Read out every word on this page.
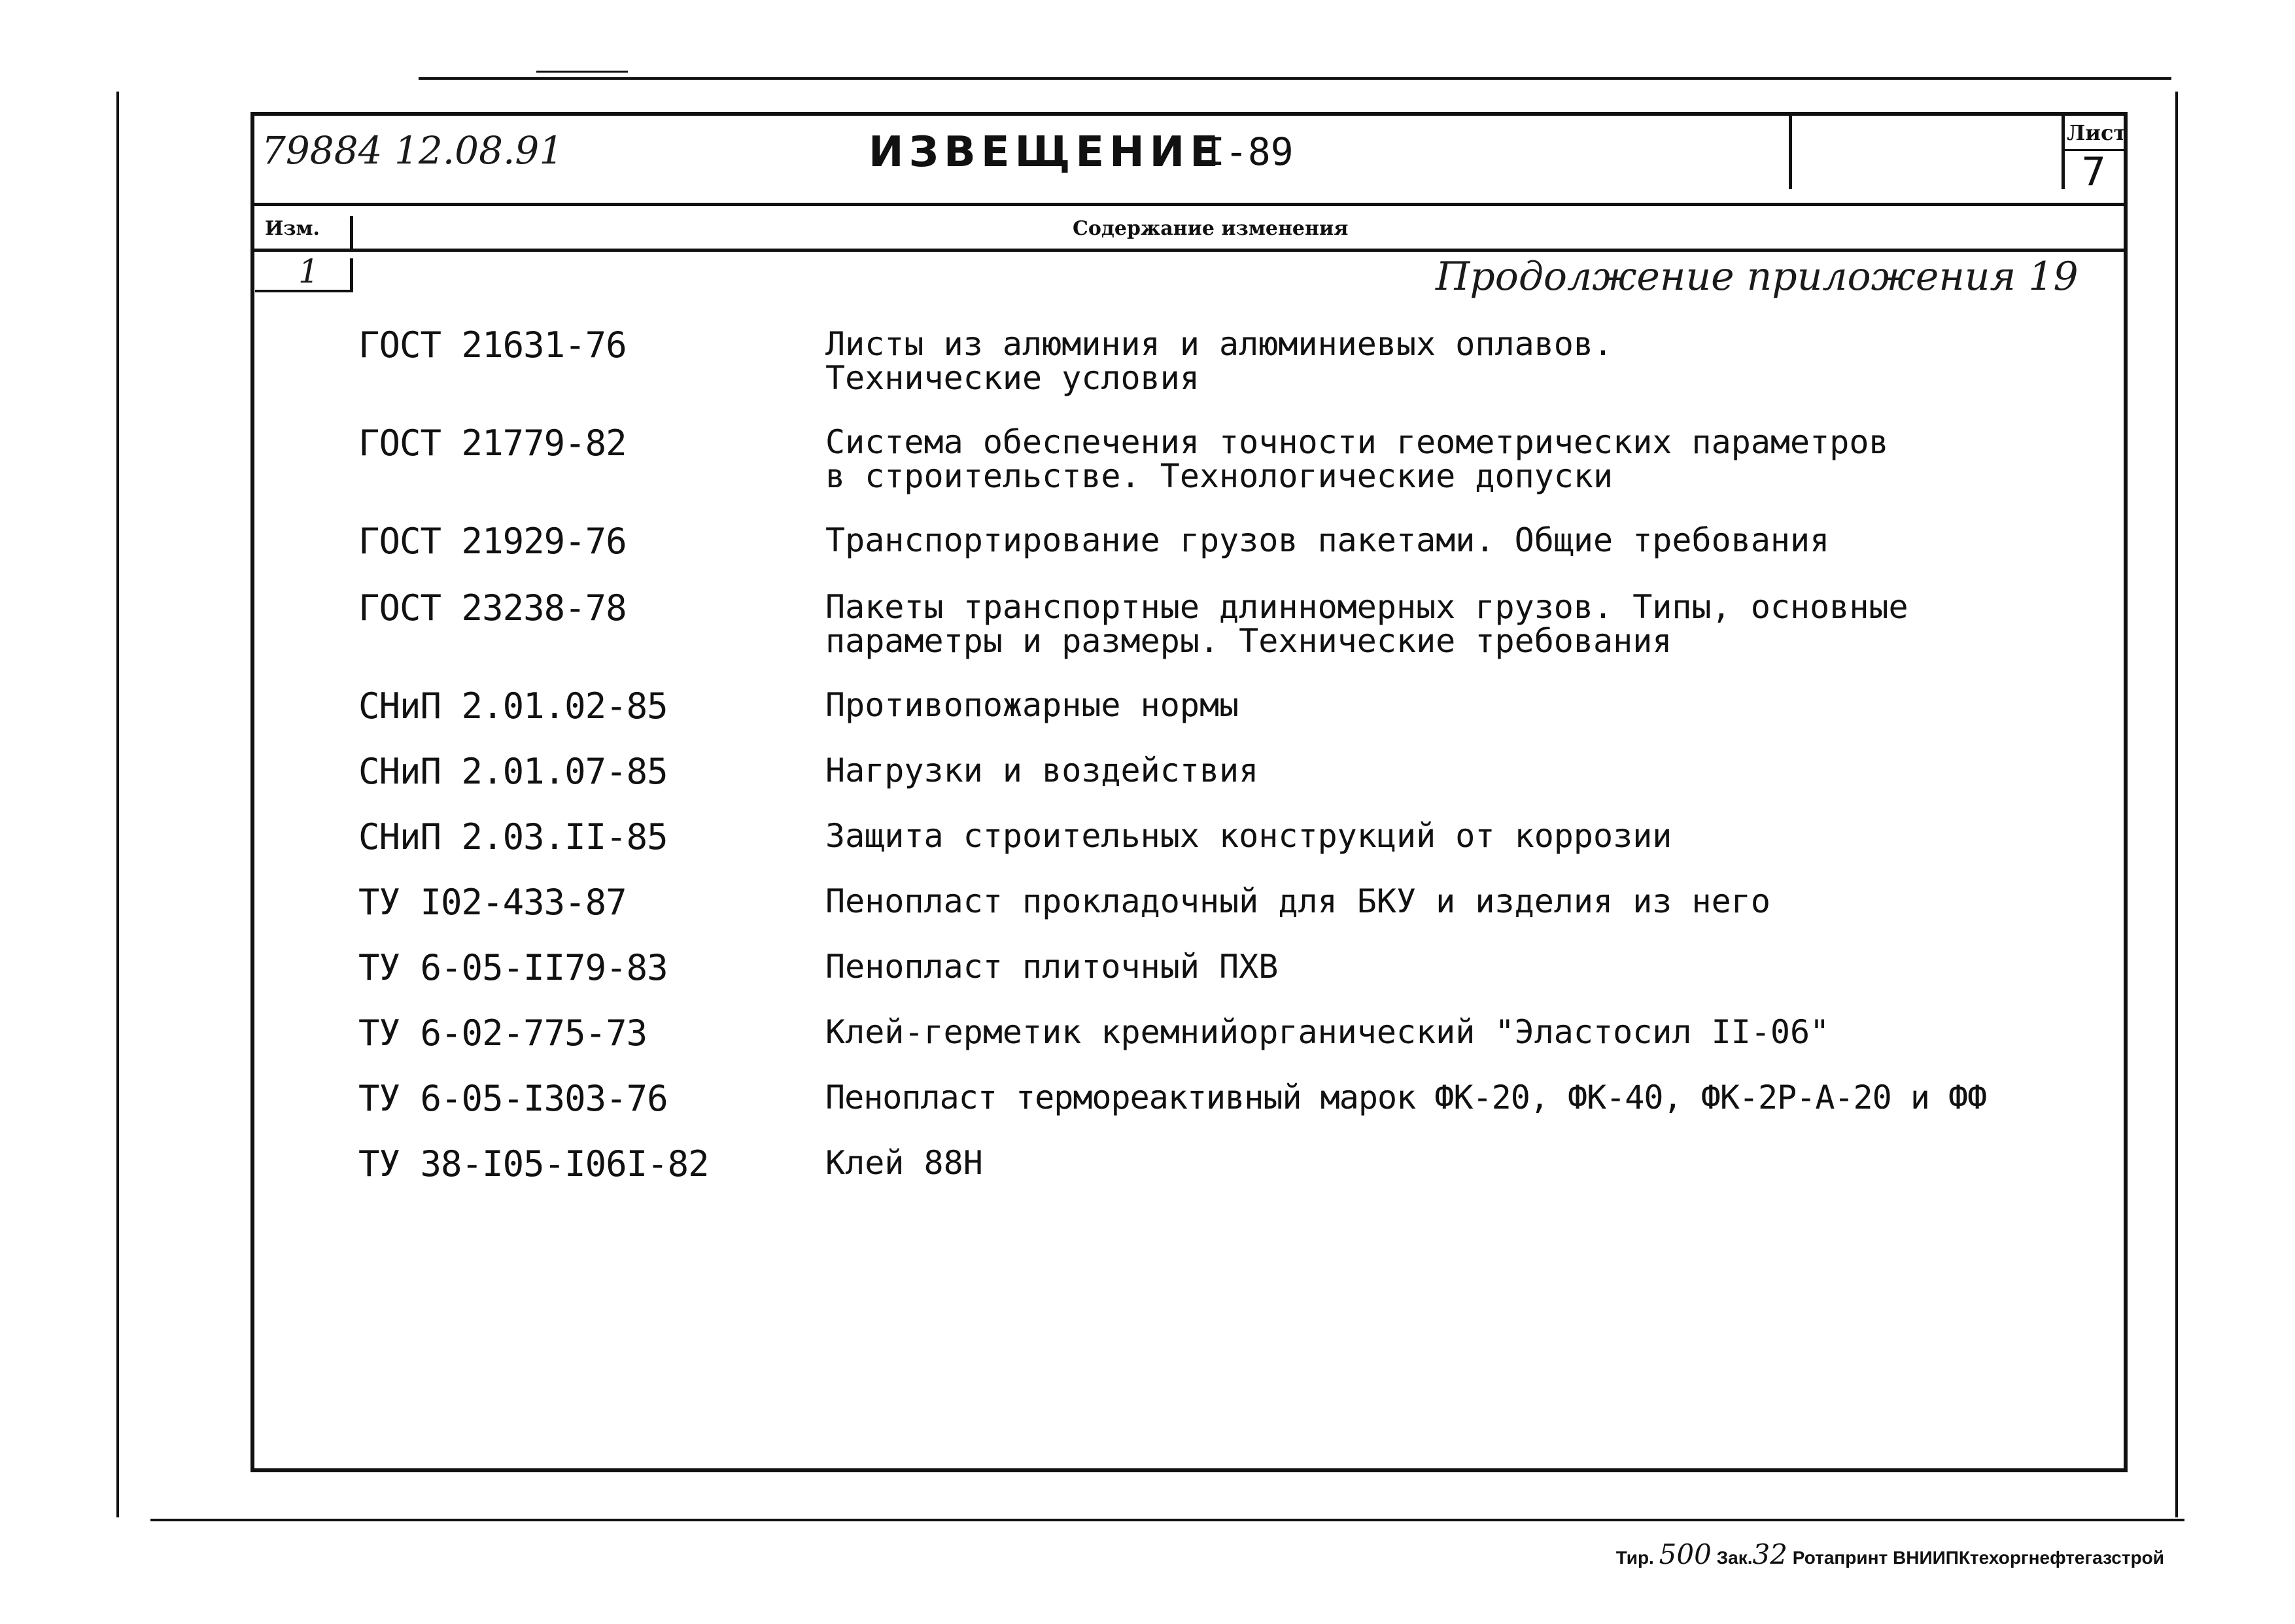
79884 12.08.91	ИЗВЕЩЕНИЕ
I-89	Лист
7
Изм.	Содержание изменения
1	Продолжение приложения 19
ГОСТ 21631-76	Листы из алюминия и алюминиевых оплавов.
Технические условия
ГОСТ 21779-82	Система обеспечения точности геометрических параметров
в строительстве. Технологические допуски
ГОСТ 21929-76	Транспортирование грузов пакетами. Общие требования
ГОСТ 23238-78	Пакеты транспортные длинномерных грузов. Типы, основные
параметры и размеры. Технические требования
СНиП 2.01.02-85	Противопожарные нормы
СНиП 2.01.07-85	Нагрузки и воздействия
СНиП 2.03.II-85	Защита строительных конструкций от коррозии
ТУ I02-433-87	Пенопласт прокладочный для БКУ и изделия из него
ТУ 6-05-II79-83	Пенопласт плиточный ПХВ
ТУ 6-02-775-73	Клей-герметик кремнийорганический "Эластосил II-06"
ТУ 6-05-I303-76	Пенопласт термореактивный марок ФК-20, ФК-40, ФК-2Р-А-20 и ФФ
ТУ 38-I05-I06I-82	Клей 88Н
Тир. 500 Зак.32 Ротапринт ВНИИПКтехоргнефтегазстрой
